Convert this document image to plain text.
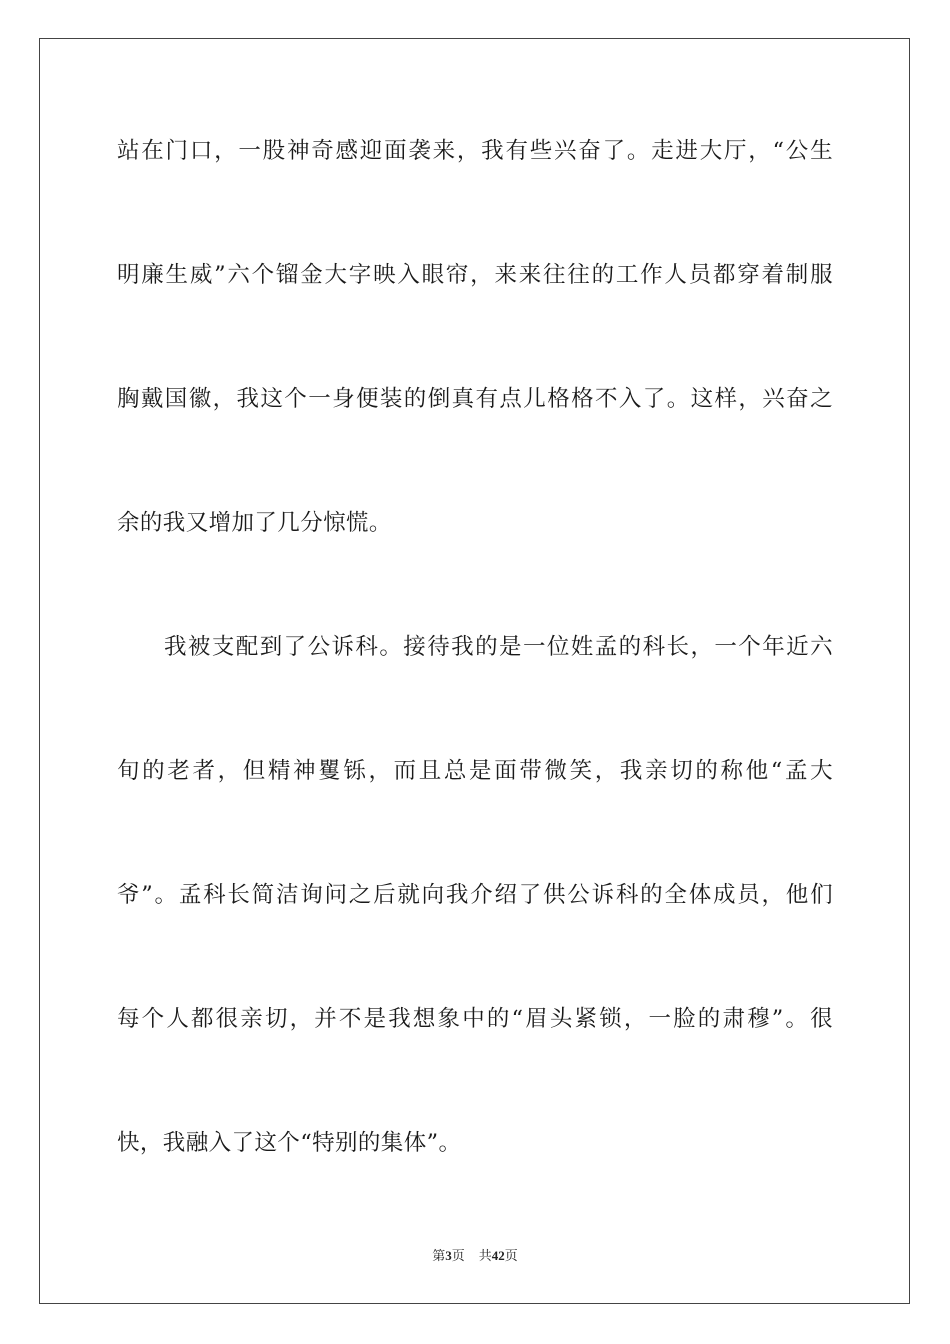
站在门口，一股神奇感迎面袭来，我有些兴奋了。走进大厅，“公生
明廉生威”六个镏金大字映入眼帘，来来往往的工作人员都穿着制服
胸戴国徽，我这个一身便装的倒真有点儿格格不入了。这样，兴奋之
余的我又增加了几分惊慌。
我被支配到了公诉科。接待我的是一位姓孟的科长，一个年近六
旬的老者，但精神矍铄，而且总是面带微笑，我亲切的称他“孟大
爷”。孟科长简洁询问之后就向我介绍了供公诉科的全体成员，他们
每个人都很亲切，并不是我想象中的“眉头紧锁，一脸的肃穆”。很
快，我融入了这个“特别的集体”。
第3页 共42页
